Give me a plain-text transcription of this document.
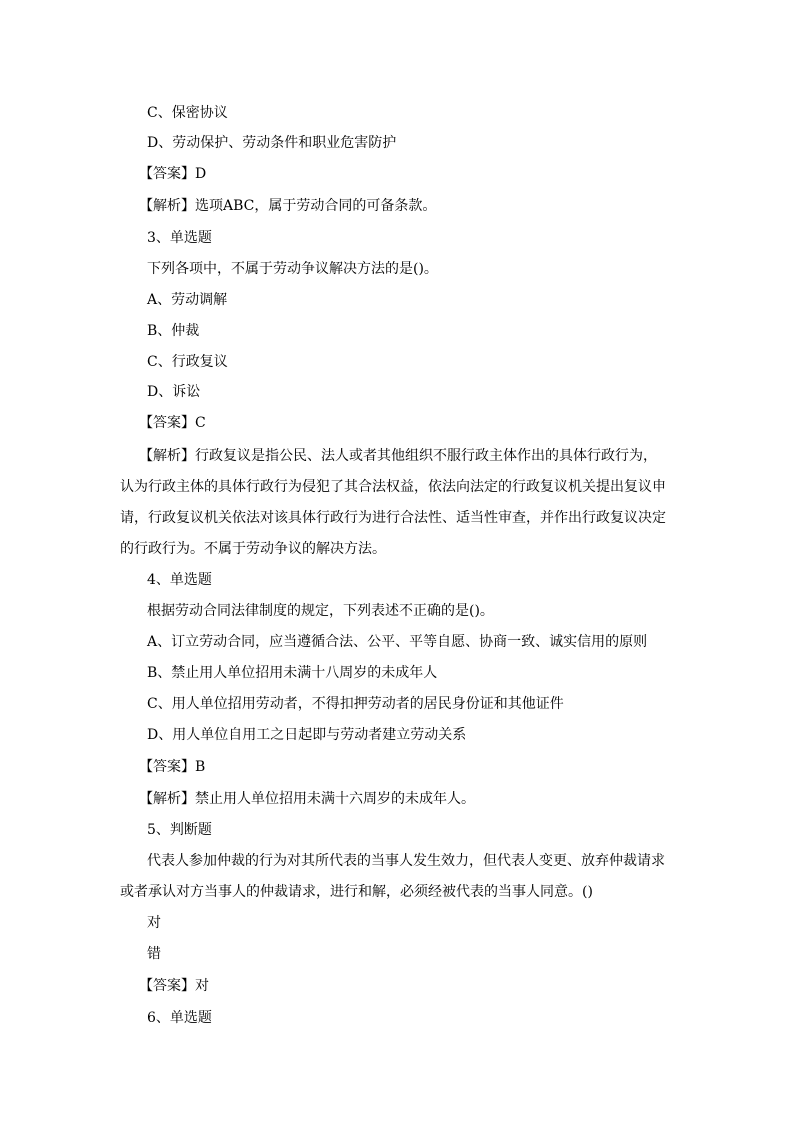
C、保密协议
D、劳动保护、劳动条件和职业危害防护
【答案】D
【解析】选项ABC，属于劳动合同的可备条款。
3、单选题
下列各项中，不属于劳动争议解决方法的是()。
A、劳动调解
B、仲裁
C、行政复议
D、诉讼
【答案】C
【解析】行政复议是指公民、法人或者其他组织不服行政主体作出的具体行政行为，
认为行政主体的具体行政行为侵犯了其合法权益，依法向法定的行政复议机关提出复议申
请，行政复议机关依法对该具体行政行为进行合法性、适当性审查，并作出行政复议决定
的行政行为。不属于劳动争议的解决方法。
4、单选题
根据劳动合同法律制度的规定，下列表述不正确的是()。
A、订立劳动合同，应当遵循合法、公平、平等自愿、协商一致、诚实信用的原则
B、禁止用人单位招用未满十八周岁的未成年人
C、用人单位招用劳动者，不得扣押劳动者的居民身份证和其他证件
D、用人单位自用工之日起即与劳动者建立劳动关系
【答案】B
【解析】禁止用人单位招用未满十六周岁的未成年人。
5、判断题
代表人参加仲裁的行为对其所代表的当事人发生效力，但代表人变更、放弃仲裁请求
或者承认对方当事人的仲裁请求，进行和解，必须经被代表的当事人同意。()
对
错
【答案】对
6、单选题
